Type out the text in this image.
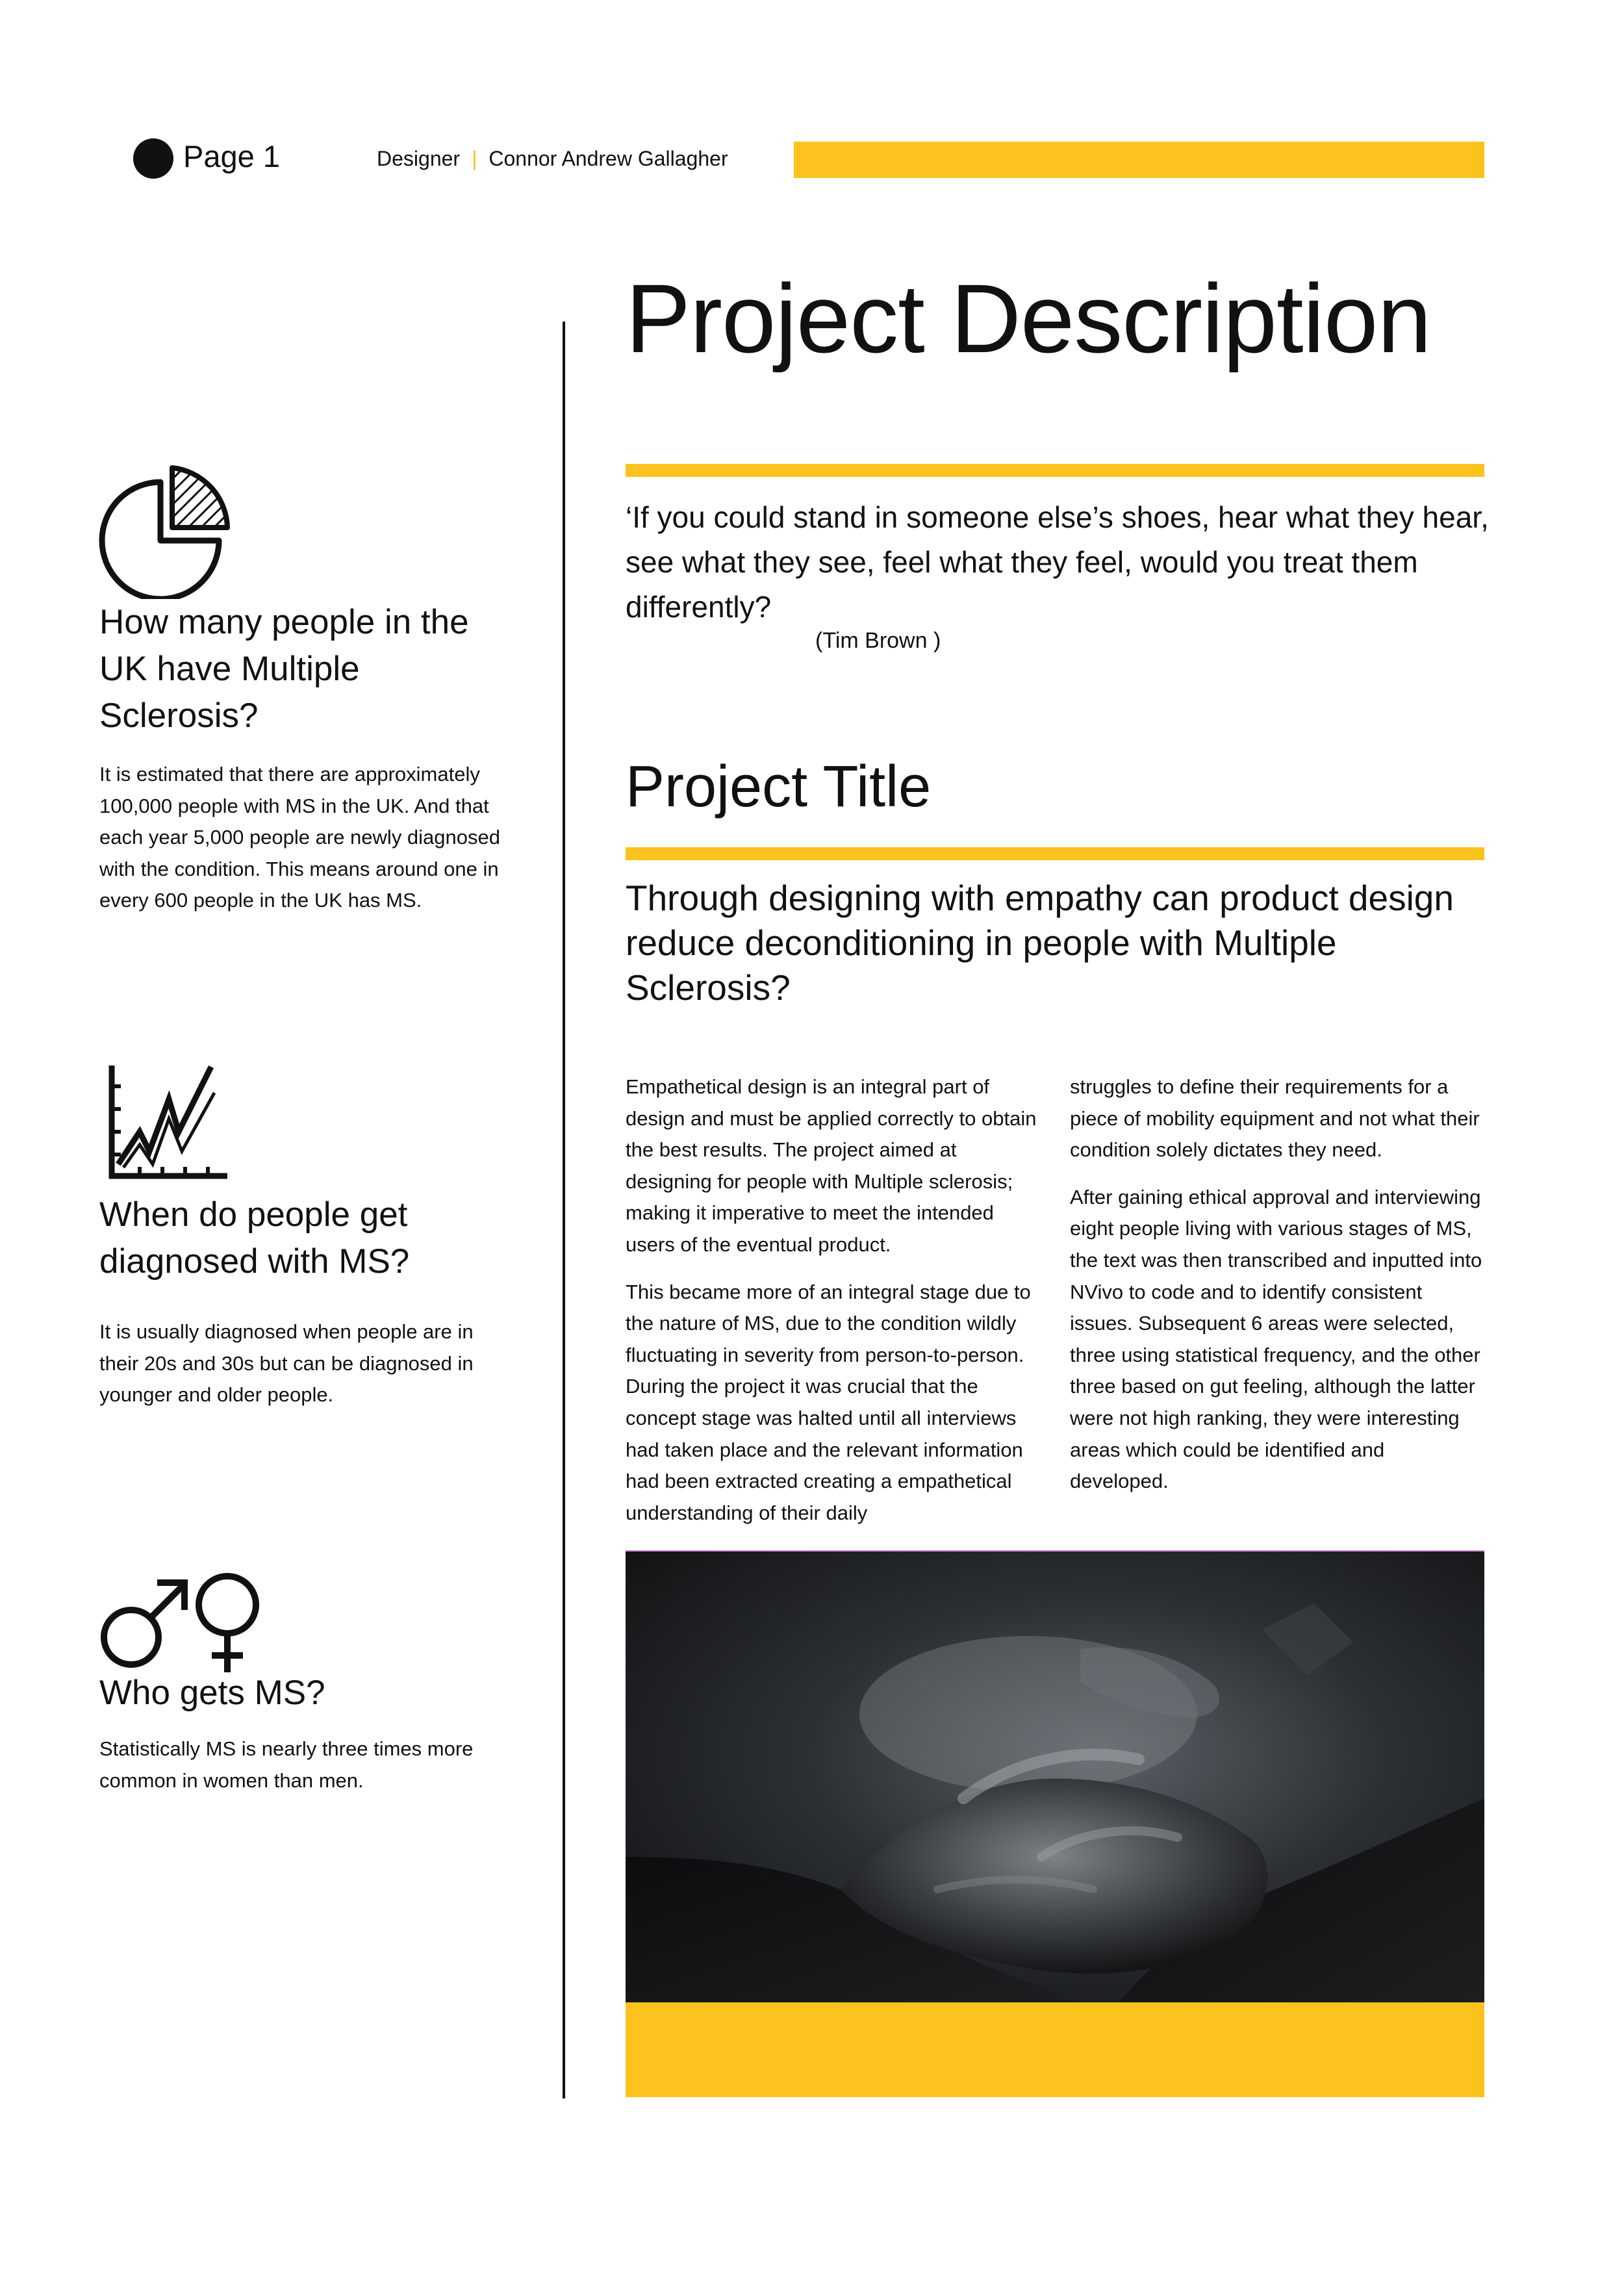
Page 1	Designer | Connor Andrew Gallagher
Project Description
‘If you could stand in someone else’s shoes, hear what they hear, see what they see, feel what they feel, would you treat them differently?
(Tim Brown )
Project Title
Through designing with empathy can product design reduce deconditioning in people with Multiple Sclerosis?

Empathetical design is an integral part of design and must be applied correctly to obtain the best results. The project aimed at designing for people with Multiple sclerosis; making it imperative to meet the intended users of the eventual product.

This became more of an integral stage due to the nature of MS, due to the condition wildly fluctuating in severity from person-to-person. During the project it was crucial that the concept stage was halted until all interviews had taken place and the relevant information had been extracted creating a empathetical understanding of their daily

struggles to define their requirements for a piece of mobility equipment and not what their condition solely dictates they need.

After gaining ethical approval and interviewing eight people living with various stages of MS, the text was then transcribed and inputted into NVivo to code and to identify consistent issues. Subsequent 6 areas were selected, three using statistical frequency, and the other three based on gut feeling, although the latter were not high ranking, they were interesting areas which could be identified and developed.

How many people in the UK have Multiple Sclerosis?
It is estimated that there are approximately 100,000 people with MS in the UK. And that each year 5,000 people are newly diagnosed with the condition. This means around one in every 600 people in the UK has MS.
When do people get diagnosed with MS?
It is usually diagnosed when people are in their 20s and 30s but can be diagnosed in younger and older people.
Who gets MS?
Statistically MS is nearly three times more common in women than men.
